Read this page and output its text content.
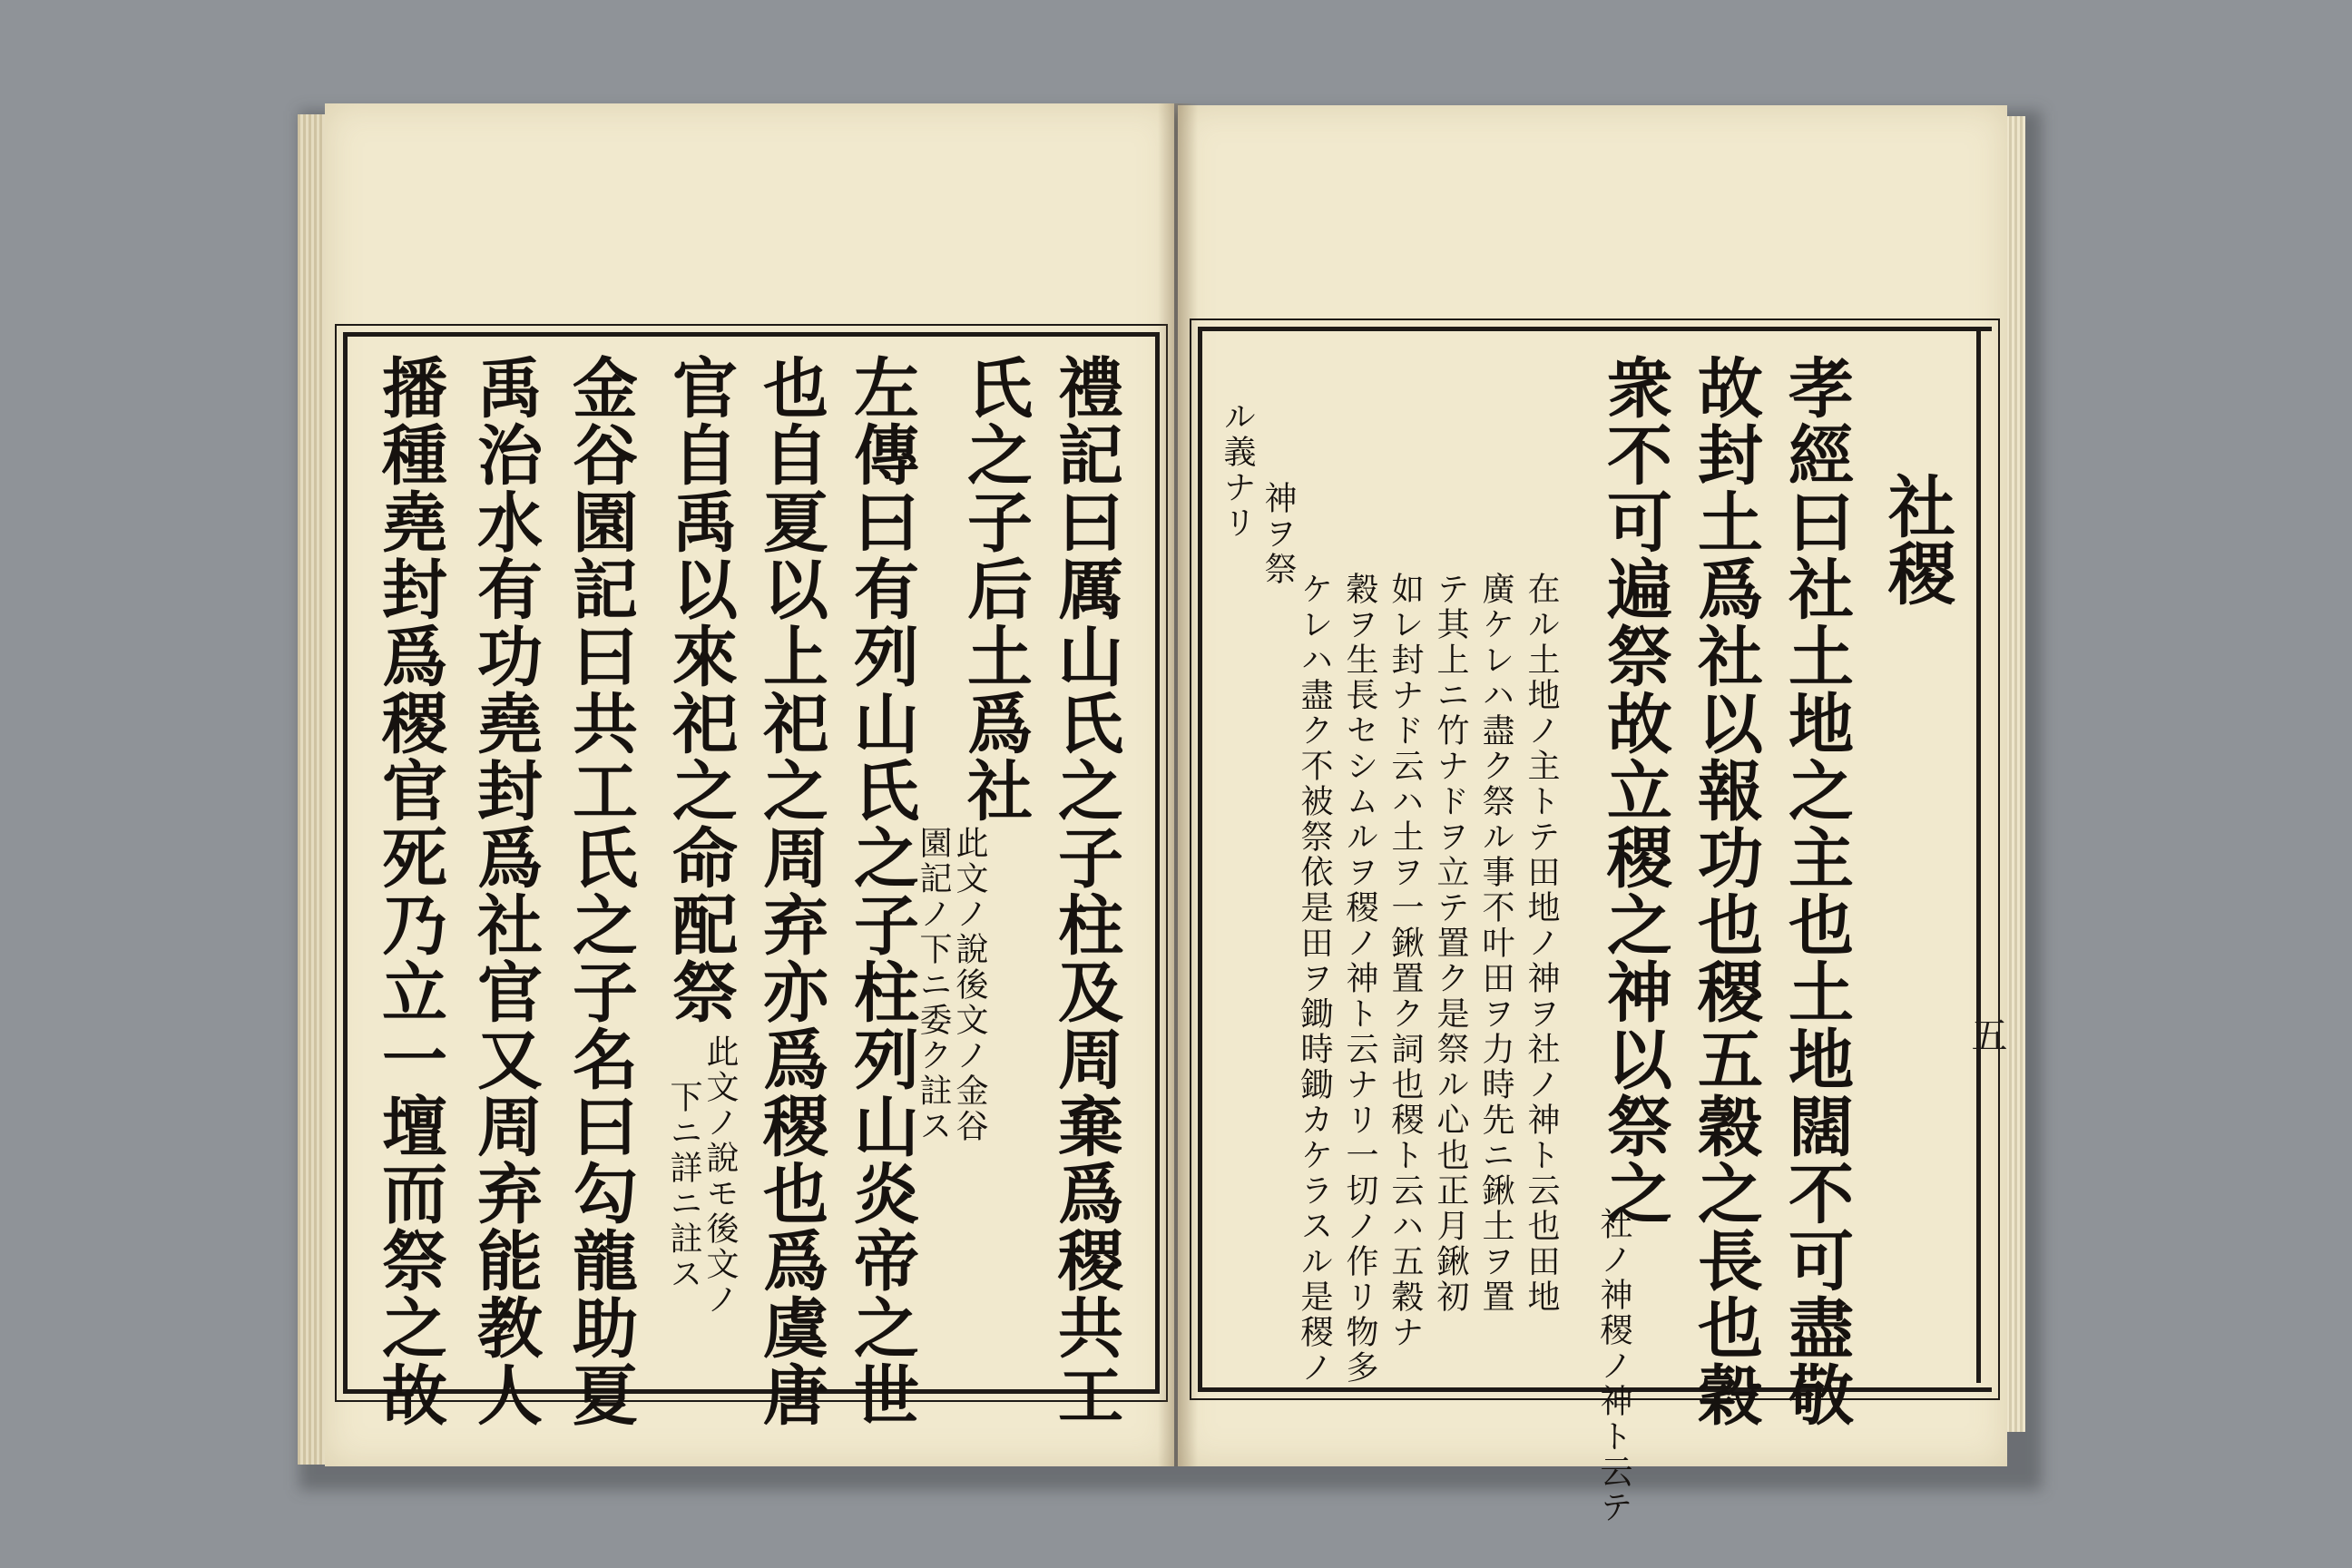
禮記曰厲山氏之子柱及周棄爲稷共工
氏之子后土爲社
此文ノ說後文ノ金谷
園記ノ下ニ委ク註ス
左傳曰有列山氏之子柱列山炎帝之世
也自夏以上祀之周弃亦爲稷也爲虞唐
官自禹以來祀之命配祭
此文ノ說モ後文ノ
下ニ詳ニ註ス
金谷園記曰共工氏之子名曰勾龍助夏
禹治水有功堯封爲社官又周弃能教人
播種堯封爲稷官死乃立一壇而祭之故
 	五
社稷
孝經曰社土地之主也土地闊不可盡敬
故封土爲社以報功也稷五穀之長也穀
衆不可遍祭故立稷之神以祭之
社ノ神稷ノ神ト云テ
在ル土地ノ主トテ田地ノ神ヲ社ノ神ト云也田地
廣ケレハ盡ク祭ル事不叶田ヲ力時先ニ鍬土ヲ置
テ其上ニ竹ナドヲ立テ置ク是祭ル心也正月鍬初
如レ封ナド云ハ土ヲ一鍬置ク詞也稷ト云ハ五穀ナ
穀ヲ生長セシムルヲ稷ノ神ト云ナリ一切ノ作リ物多
ケレハ盡ク不被祭依是田ヲ鋤時鋤カケラスル是稷ノ
神ヲ祭
ル義ナリ
